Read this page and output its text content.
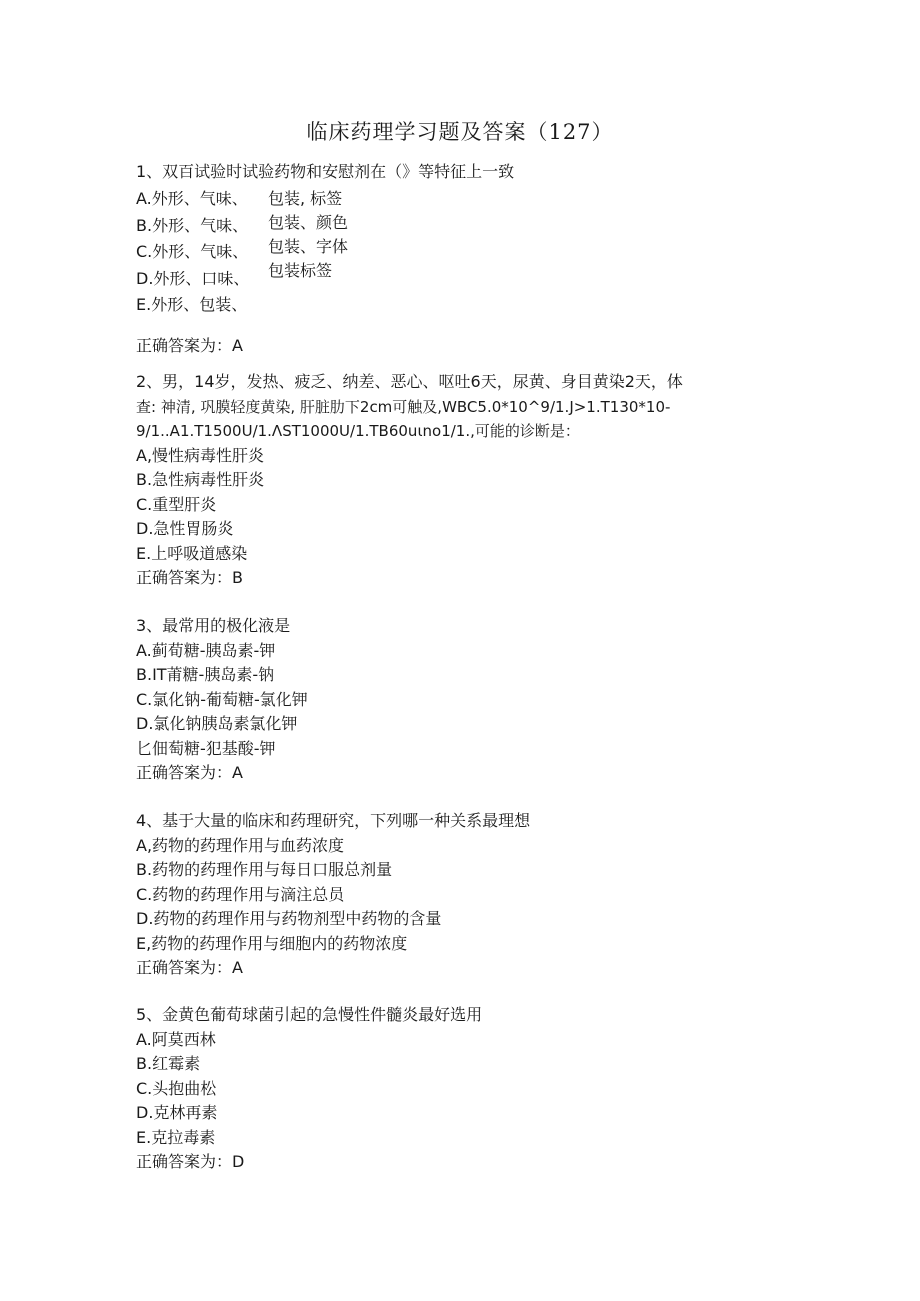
临床药理学习题及答案（127）
1、双百试验时试验药物和安慰剂在（》等特征上一致
A.外形、气味、
B.外形、气味、
C.外形、气味、
D.外形、口味、
E.外形、包装、
包装, 标签
包装、颜色
包装、字体
包装标签
正确答案为：A
2、男，14岁，发热、疲乏、纳差、恶心、呕吐6天，尿黄、身目黄染2天，体
查: 神清, 巩膜轻度黄染, 肝脏肋下2cm可触及,WBC5.0*10^9/1.J>1.T130*10-
9/1..A1.T1500U/1.ΛST1000U/1.TB60uιno1/1.,可能的诊断是：
A,慢性病毒性肝炎
B.急性病毒性肝炎
C.重型肝炎
D.急性胃肠炎
E.上呼吸道感染
正确答案为：B
3、最常用的极化液是
A.蓟荀糖-胰岛素-钾
B.IT莆糖-胰岛素-钠
C.氯化钠-葡萄糖-氯化钾
D.氯化钠胰岛素氯化钾
匕佃萄糖-犯基酸-钾
正确答案为：A
4、基于大量的临床和药理研究，下列哪一种关系最理想
A,药物的药理作用与血药浓度
B.药物的药理作用与每日口服总剂量
C.药物的药理作用与滴注总员
D.药物的药理作用与药物剂型中药物的含量
E,药物的药理作用与细胞内的药物浓度
正确答案为：A
5、金黄色葡荀球菌引起的急慢性件髓炎最好选用
A.阿莫西林
B.红霉素
C.头抱曲松
D.克林再素
E.克拉毒素
正确答案为：D
